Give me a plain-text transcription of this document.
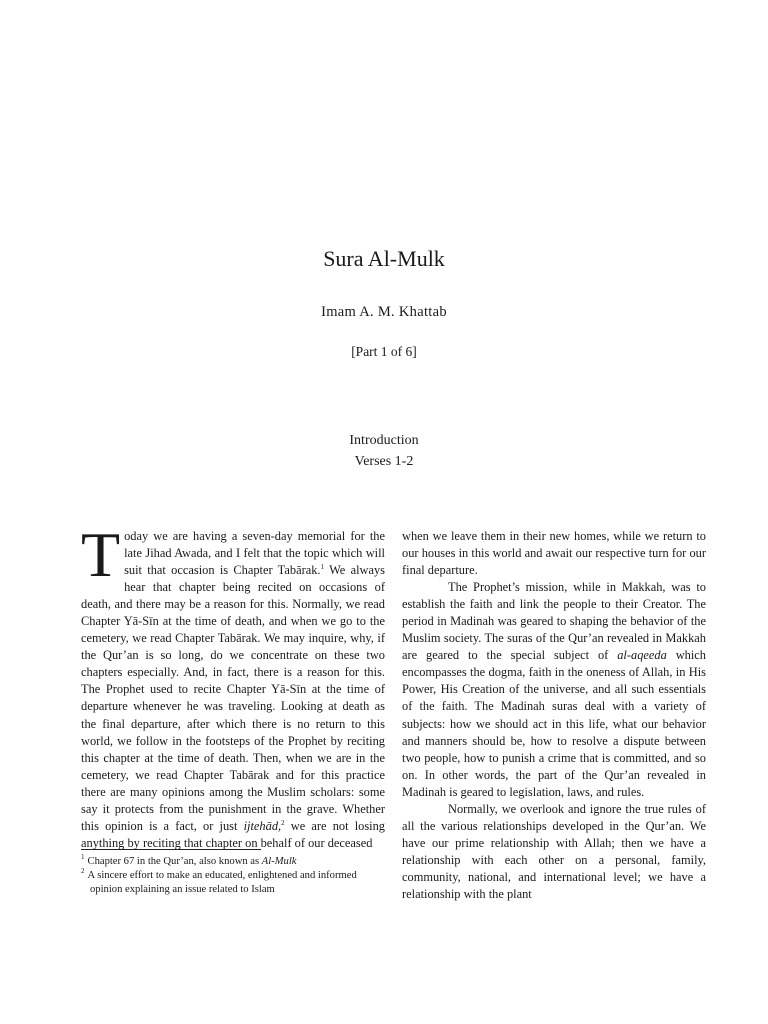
Sura Al-Mulk
Imam A. M. Khattab
[Part 1 of 6]
Introduction
Verses 1-2

Today we are having a seven-day memorial for the late Jihad Awada, and I felt that the topic which will suit that occasion is Chapter Tabārak.$^1$ We always hear that chapter being recited on occasions of death, and there may be a reason for this. Normally, we read Chapter Yā-Sīn at the time of death, and when we go to the cemetery, we read Chapter Tabārak. We may inquire, why, if the Qur’an is so long, do we concentrate on these two chapters especially. And, in fact, there is a reason for this. The Prophet used to recite Chapter Yā-Sīn at the time of departure whenever he was traveling. Looking at death as the final departure, after which there is no return to this world, we follow in the footsteps of the Prophet by reciting this chapter at the time of death. Then, when we are in the cemetery, we read Chapter Tabārak and for this practice there are many opinions among the Muslim scholars: some say it protects from the punishment in the grave. Whether this opinion is a fact, or just ijtehād,$^2$ we are not losing anything by reciting that chapter on behalf of our deceased

when we leave them in their new homes, while we return to our houses in this world and await our respective turn for our final departure.

The Prophet’s mission, while in Makkah, was to establish the faith and link the people to their Creator. The period in Madinah was geared to shaping the behavior of the Muslim society. The suras of the Qur’an revealed in Makkah are geared to the special subject of al-aqeeda which encompasses the dogma, faith in the oneness of Allah, in His Power, His Creation of the universe, and all such essentials of the faith. The Madinah suras deal with a variety of subjects: how we should act in this life, what our behavior and manners should be, how to resolve a dispute between two people, how to punish a crime that is committed, and so on. In other words, the part of the Qur’an revealed in Madinah is geared to legislation, laws, and rules.

Normally, we overlook and ignore the true rules of all the various relationships developed in the Qur’an. We have our prime relationship with Allah; then we have a relationship with each other on a personal, family, community, national, and international level; we have a relationship with the plant

$^1$ Chapter 67 in the Qur’an, also known as Al-Mulk
$^2$ A sincere effort to make an educated, enlightened and informed opinion explaining an issue related to Islam
